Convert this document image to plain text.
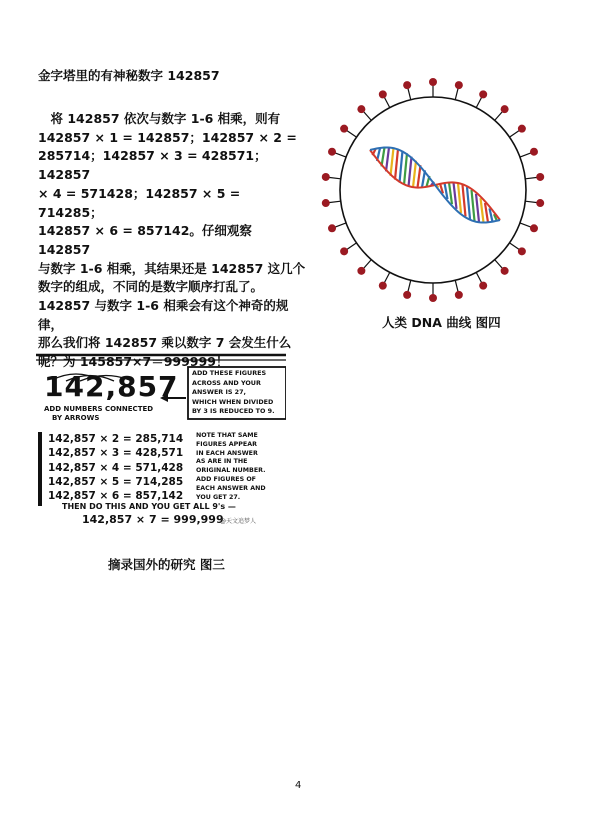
金字塔里的有神秘数字 142857
　将 142857 依次与数字 1-6 相乘，则有
142857 × 1 = 142857；142857 × 2 =
285714；142857 × 3 = 428571；142857
× 4 = 571428；142857 × 5 = 714285；
142857 × 6 = 857142。仔细观察 142857
与数字 1-6 相乘，其结果还是 142857 这几个
数字的组成，不同的是数字顺序打乱了。
142857 与数字 1-6 相乘会有这个神奇的规律，
那么我们将 142857 乘以数字 7 会发生什么
呢？为 145857×7＝999999！
人类 DNA 曲线 图四
142,857
ADD NUMBERS CONNECTED
BY ARROWS
ADD THESE FIGURES
ACROSS AND YOUR
ANSWER IS 27,
WHICH WHEN DIVIDED
BY 3 IS REDUCED TO 9.
142,857 × 2 = 285,714
142,857 × 3 = 428,571
142,857 × 4 = 571,428
142,857 × 5 = 714,285
142,857 × 6 = 857,142
NOTE THAT SAME
FIGURES APPEAR
IN EACH ANSWER
AS ARE IN THE
ORIGINAL NUMBER.
ADD FIGURES OF
EACH ANSWER AND
YOU GET 27.
THEN DO THIS AND YOU GET ALL 9's —
142,857 × 7 = 999,999
@天文追梦人
摘录国外的研究 图三
4
